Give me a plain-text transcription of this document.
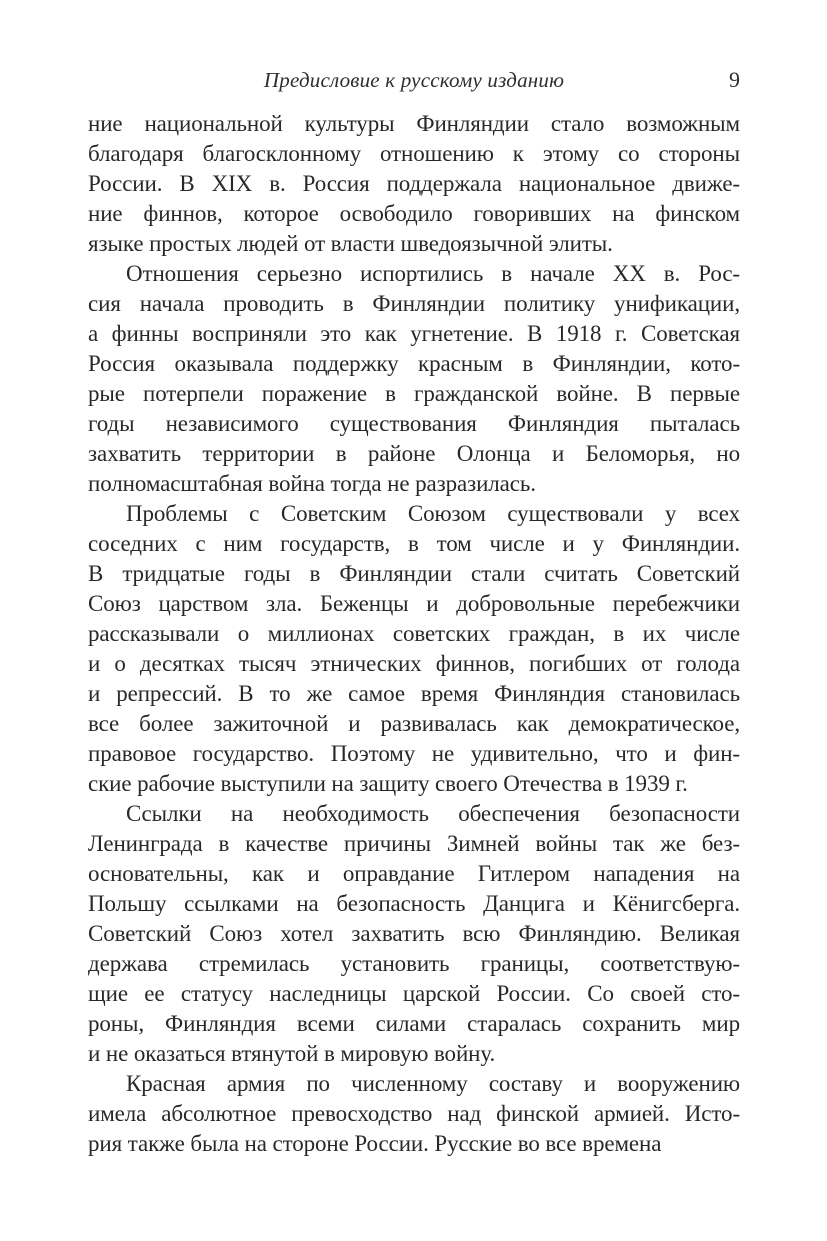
Предисловие к русскому изданию	9
ние национальной культуры Финляндии стало возможным
благодаря благосклонному отношению к этому со стороны
России. В XIX в. Россия поддержала национальное движе-
ние финнов, которое освободило говоривших на финском
языке простых людей от власти шведоязычной элиты.
Отношения серьезно испортились в начале XX в. Рос-
сия начала проводить в Финляндии политику унификации,
а финны восприняли это как угнетение. В 1918 г. Советская
Россия оказывала поддержку красным в Финляндии, кото-
рые потерпели поражение в гражданской войне. В первые
годы независимого существования Финляндия пыталась
захватить территории в районе Олонца и Беломорья, но
полномасштабная война тогда не разразилась.
Проблемы с Советским Союзом существовали у всех
соседних с ним государств, в том числе и у Финляндии.
В тридцатые годы в Финляндии стали считать Советский
Союз царством зла. Беженцы и добровольные перебежчики
рассказывали о миллионах советских граждан, в их числе
и о десятках тысяч этнических финнов, погибших от голода
и репрессий. В то же самое время Финляндия становилась
все более зажиточной и развивалась как демократическое,
правовое государство. Поэтому не удивительно, что и фин-
ские рабочие выступили на защиту своего Отечества в 1939 г.
Ссылки на необходимость обеспечения безопасности
Ленинграда в качестве причины Зимней войны так же без-
основательны, как и оправдание Гитлером нападения на
Польшу ссылками на безопасность Данцига и Кёнигсберга.
Советский Союз хотел захватить всю Финляндию. Великая
держава стремилась установить границы, соответствую-
щие ее статусу наследницы царской России. Со своей сто-
роны, Финляндия всеми силами старалась сохранить мир
и не оказаться втянутой в мировую войну.
Красная армия по численному составу и вооружению
имела абсолютное превосходство над финской армией. Исто-
рия также была на стороне России. Русские во все времена
